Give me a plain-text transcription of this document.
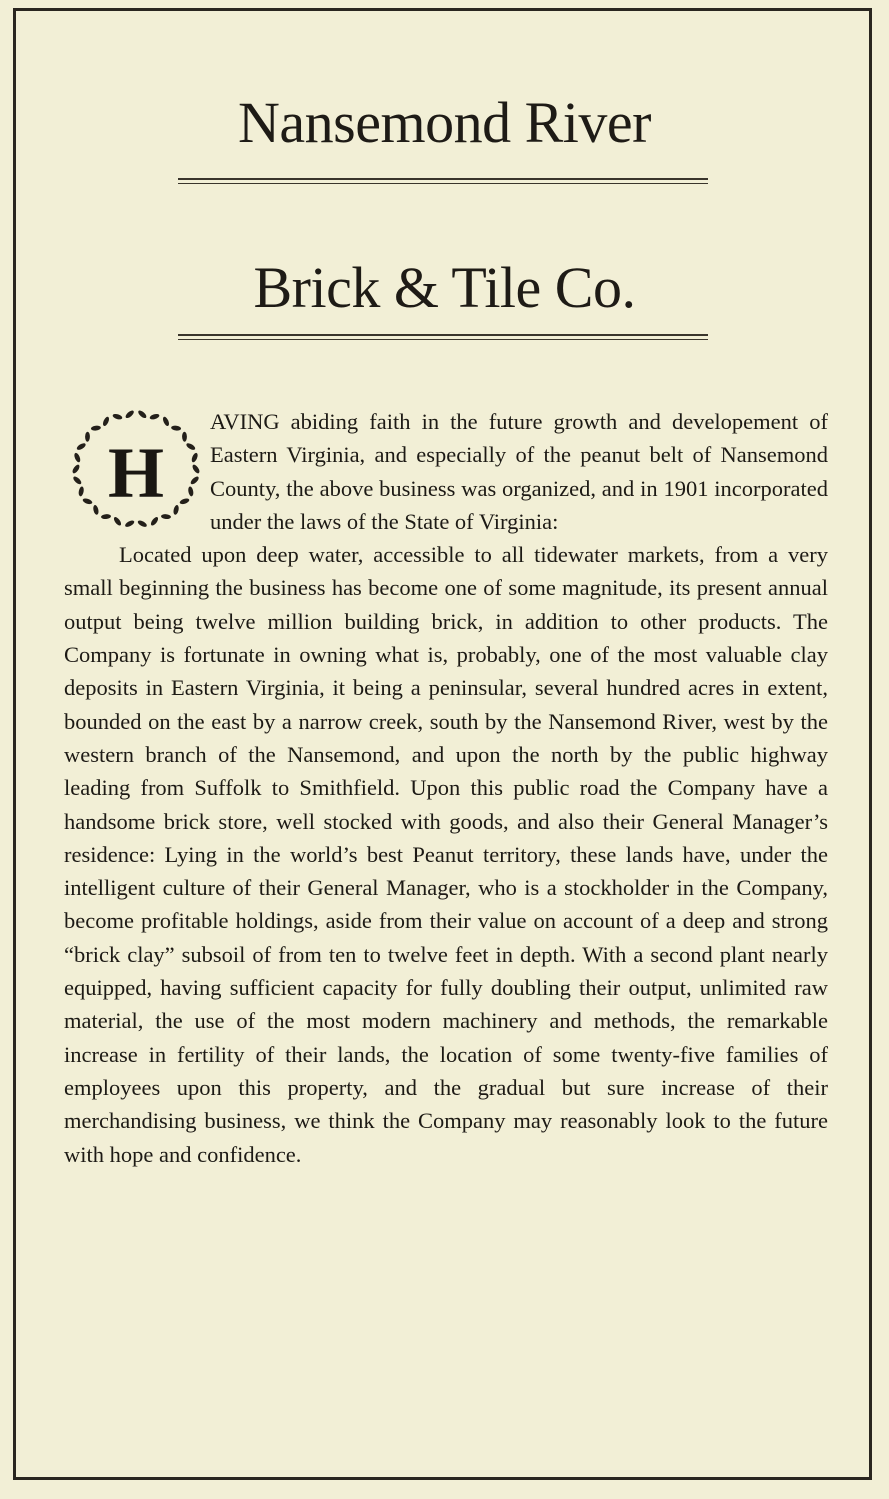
Nansemond River
Brick & Tile Co.
H

AVING abiding faith in the future growth and developement of Eastern Virginia, and especially of the peanut belt of Nansemond County, the above business was organized, and in 1901 incorporated under the laws of the State of Virginia:

Located upon deep water, accessible to all tidewater markets, from a very small beginning the business has become one of some magnitude, its present annual output being twelve million building brick, in addition to other products. The Company is fortunate in owning what is, probably, one of the most valuable clay deposits in Eastern Virginia, it being a peninsular, several hundred acres in extent, bounded on the east by a narrow creek, south by the Nansemond River, west by the western branch of the Nansemond, and upon the north by the public highway leading from Suffolk to Smithfield. Upon this public road the Company have a handsome brick store, well stocked with goods, and also their General Manager’s residence: Lying in the world’s best Peanut territory, these lands have, under the intelligent culture of their General Manager, who is a stockholder in the Company, become profitable holdings, aside from their value on account of a deep and strong “brick clay” subsoil of from ten to twelve feet in depth. With a second plant nearly equipped, having sufficient capacity for fully doubling their output, unlimited raw material, the use of the most modern machinery and methods, the remarkable increase in fertility of their lands, the location of some twenty-five families of employees upon this property, and the gradual but sure increase of their merchandising business, we think the Company may reasonably look to the future with hope and confidence.
